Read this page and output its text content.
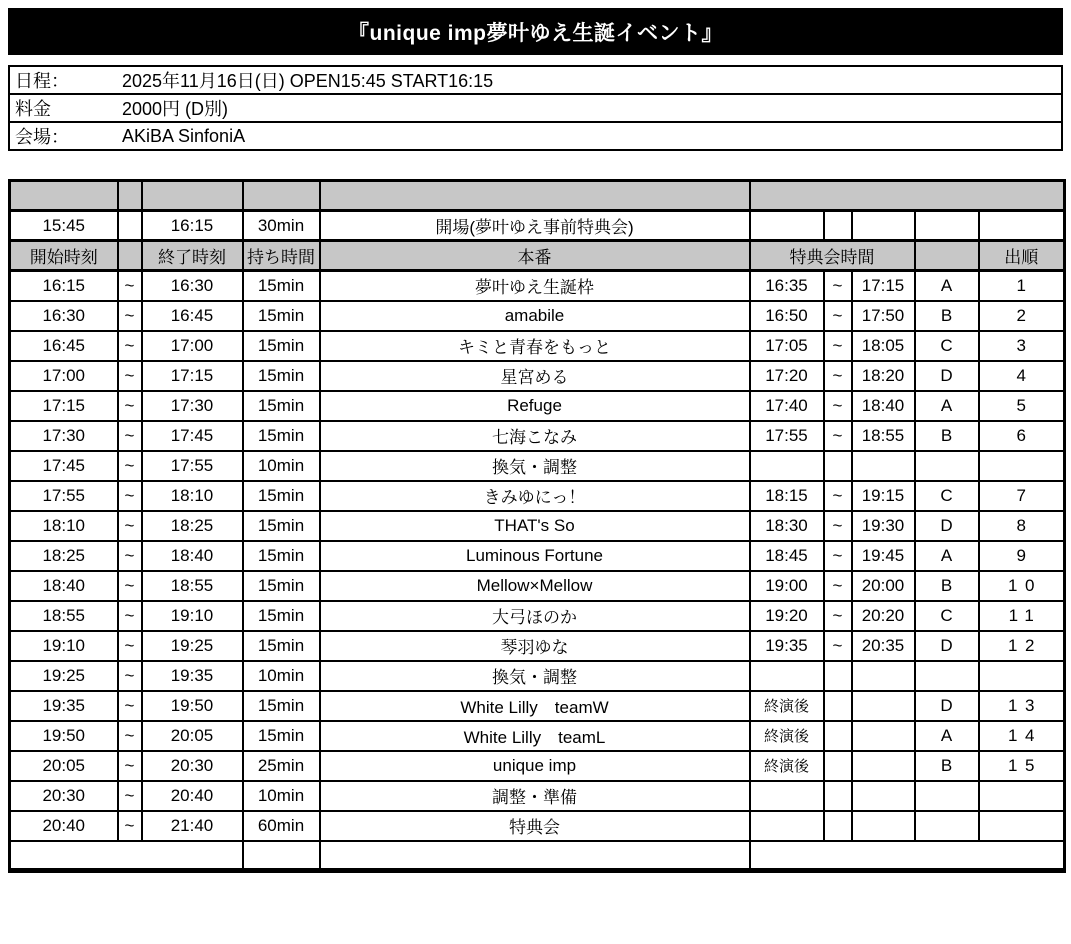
『unique imp夢叶ゆえ生誕イベント』
日程：	2025年11月16日(日) OPEN15:45 START16:15
料金	2000円 (D別)
会場：	AKiBA SinfoniA

15:45		16:15	30min	開場(夢叶ゆえ事前特典会)					
開始時刻		終了時刻	持ち時間	本番	特典会時間				出順
16:15	~	16:30	15min	夢叶ゆえ生誕枠	16:35	~	17:15	A	1
16:30	~	16:45	15min	amabile	16:50	~	17:50	B	2
16:45	~	17:00	15min	キミと青春をもっと	17:05	~	18:05	C	3
17:00	~	17:15	15min	星宮める	17:20	~	18:20	D	4
17:15	~	17:30	15min	Refuge	17:40	~	18:40	A	5
17:30	~	17:45	15min	七海こなみ	17:55	~	18:55	B	6
17:45	~	17:55	10min	換気・調整					
17:55	~	18:10	15min	きみゆにっ！	18:15	~	19:15	C	7
18:10	~	18:25	15min	THAT's So	18:30	~	19:30	D	8
18:25	~	18:40	15min	Luminous Fortune	18:45	~	19:45	A	9
18:40	~	18:55	15min	Mellow×Mellow	19:00	~	20:00	B	10
18:55	~	19:10	15min	大弓ほのか	19:20	~	20:20	C	11
19:10	~	19:25	15min	琴羽ゆな	19:35	~	20:35	D	12
19:25	~	19:35	10min	換気・調整					
19:35	~	19:50	15min	White Lilly　teamW	終演後			D	13
19:50	~	20:05	15min	White Lilly　teamL	終演後			A	14
20:05	~	20:30	25min	unique imp	終演後			B	15
20:30	~	20:40	10min	調整・準備					
20:40	~	21:40	60min	特典会					
